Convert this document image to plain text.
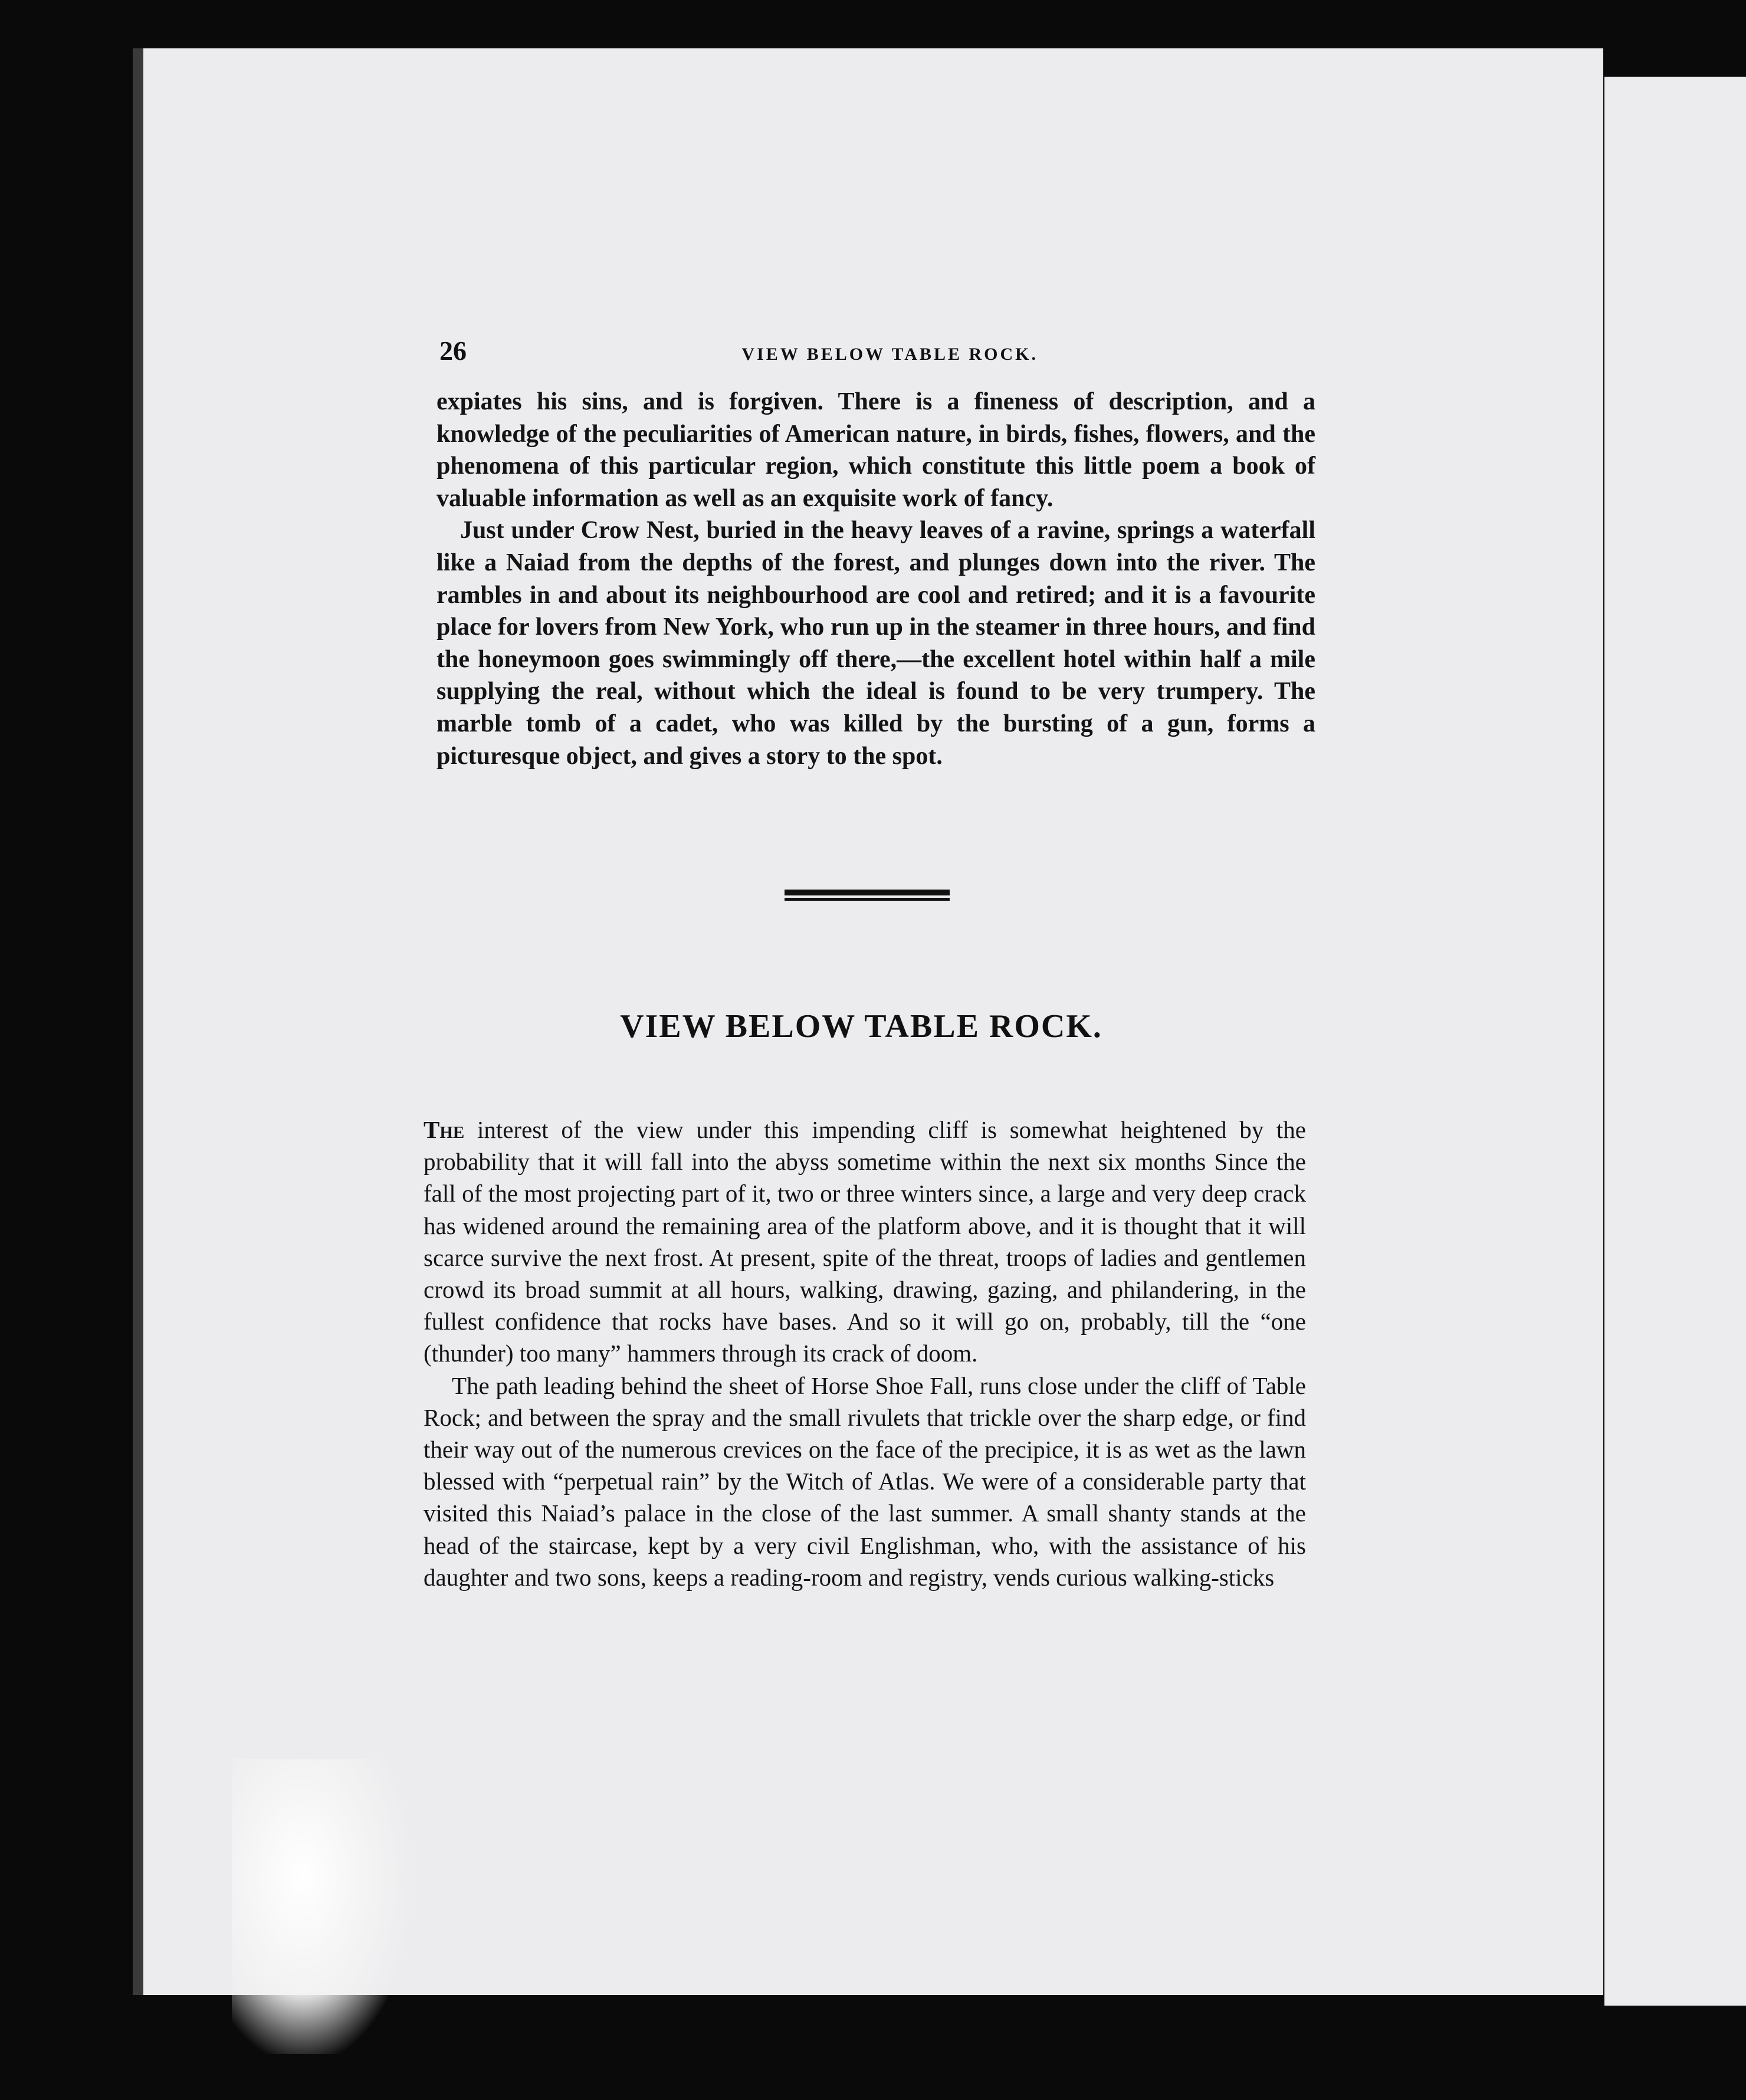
26	VIEW BELOW TABLE ROCK.

expiates his sins, and is forgiven. There is a fineness of description, and a knowledge of the peculiarities of American nature, in birds, fishes, flowers, and the phenomena of this particular region, which constitute this little poem a book of valuable information as well as an exquisite work of fancy.

Just under Crow Nest, buried in the heavy leaves of a ravine, springs a waterfall like a Naiad from the depths of the forest, and plunges down into the river. The rambles in and about its neighbourhood are cool and retired; and it is a favourite place for lovers from New York, who run up in the steamer in three hours, and find the honeymoon goes swimmingly off there,—the excellent hotel within half a mile supplying the real, without which the ideal is found to be very trumpery. The marble tomb of a cadet, who was killed by the bursting of a gun, forms a picturesque object, and gives a story to the spot.

VIEW BELOW TABLE ROCK.

The interest of the view under this impending cliff is somewhat heightened by the probability that it will fall into the abyss sometime within the next six months Since the fall of the most projecting part of it, two or three winters since, a large and very deep crack has widened around the remaining area of the platform above, and it is thought that it will scarce survive the next frost. At present, spite of the threat, troops of ladies and gentlemen crowd its broad summit at all hours, walking, drawing, gazing, and philandering, in the fullest confidence that rocks have bases. And so it will go on, probably, till the “one (thunder) too many” hammers through its crack of doom.

The path leading behind the sheet of Horse Shoe Fall, runs close under the cliff of Table Rock; and between the spray and the small rivulets that trickle over the sharp edge, or find their way out of the numerous crevices on the face of the precipice, it is as wet as the lawn blessed with “perpetual rain” by the Witch of Atlas. We were of a considerable party that visited this Naiad’s palace in the close of the last summer. A small shanty stands at the head of the staircase, kept by a very civil Englishman, who, with the assistance of his daughter and two sons, keeps a reading-room and registry, vends curious walking-sticks
